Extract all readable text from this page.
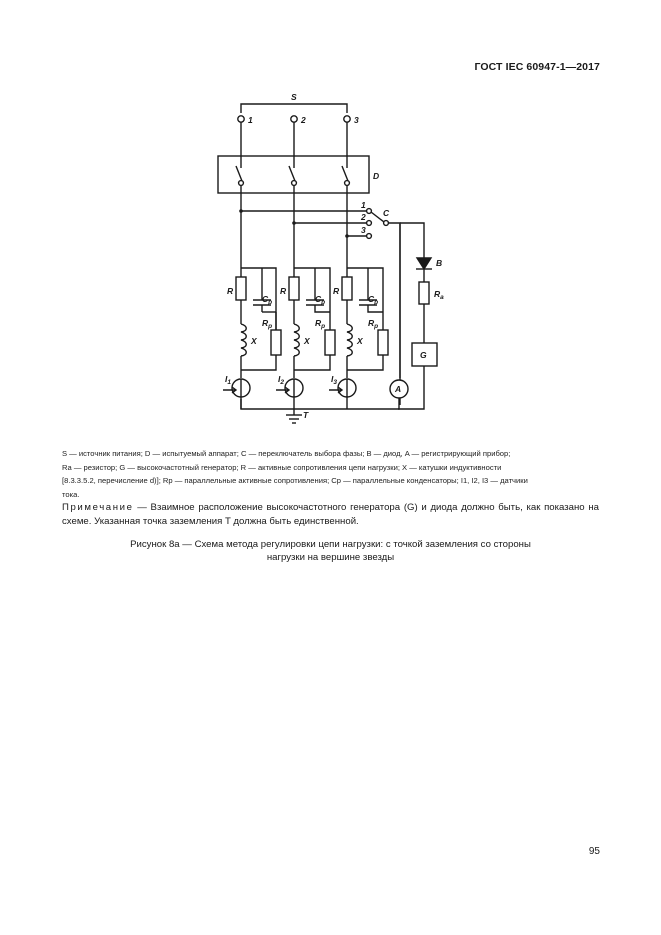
ГОСТ IEC 60947-1—2017
S
1	2	3
D
1
2
3
C
B
$R_a$
G
A
T
R	R	R
$C_p$	$C_p$	$C_p$
$R_p$	$R_p$	$R_p$
X	X	X
$I_1$	$I_2$	$I_3$
S — источник питания; D — испытуемый аппарат; C — переключатель выбора фазы; B — диод, A — регистрирующий прибор;
Ra — резистор; G — высокочастотный генератор; R — активные сопротивления цепи нагрузки; X — катушки индуктивности
[8.3.3.5.2, перечисление d)]; Rp — параллельные активные сопротивления; Cp — параллельные конденсаторы; I1, I2, I3 — датчики
тока.
Примечание — Взаимное расположение высокочастотного генератора (G) и диода должно быть, как показано на схеме. Указанная точка заземления T должна быть единственной.
Рисунок 8а — Схема метода регулировки цепи нагрузки: с точкой заземления со стороны
нагрузки на вершине звезды
95
